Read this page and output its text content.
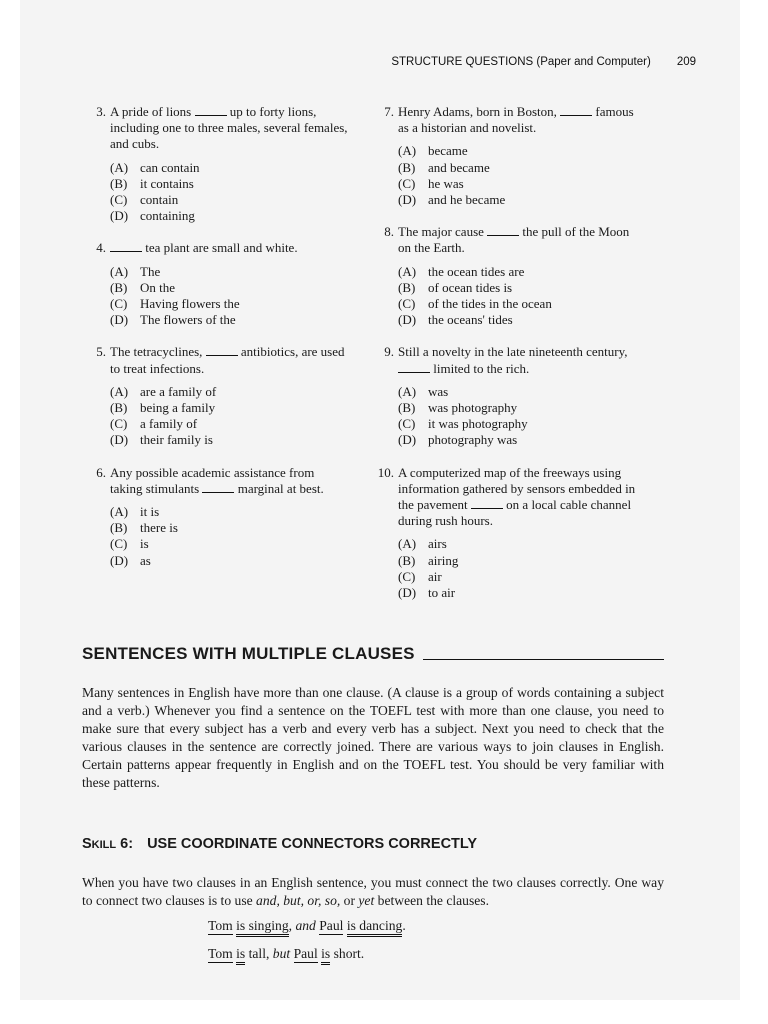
STRUCTURE QUESTIONS (Paper and Computer) 209
3. A pride of lions	up to forty lions, including one to three males, several females, and cubs.
(A) can contain
(B) it contains
(C) contain
(D) containing
4.	tea plant are small and white.
(A) The
(B) On the
(C) Having flowers the
(D) The flowers of the
5. The tetracyclines,	antibiotics, are used to treat infections.
(A) are a family of
(B) being a family
(C) a family of
(D) their family is
6. Any possible academic assistance from taking stimulants	marginal at best.
(A) it is
(B) there is
(C) is
(D) as
7. Henry Adams, born in Boston,	famous as a historian and novelist.
(A) became
(B) and became
(C) he was
(D) and he became
8. The major cause	the pull of the Moon on the Earth.
(A) the ocean tides are
(B) of ocean tides is
(C) of the tides in the ocean
(D) the oceans' tides
9. Still a novelty in the late nineteenth century,  limited to the rich.
(A) was
(B) was photography
(C) it was photography
(D) photography was
10. A computerized map of the freeways using information gathered by sensors embedded in the pavement	on a local cable channel during rush hours.
(A) airs
(B) airing
(C) air
(D) to air
SENTENCES WITH MULTIPLE CLAUSES
Many sentences in English have more than one clause. (A clause is a group of words containing a subject and a verb.) Whenever you find a sentence on the TOEFL test with more than one clause, you need to make sure that every subject has a verb and every verb has a subject. Next you need to check that the various clauses in the sentence are correctly joined. There are various ways to join clauses in English. Certain patterns appear frequently in English and on the TOEFL test. You should be very familiar with these patterns.
SKILL 6: USE COORDINATE CONNECTORS CORRECTLY
When you have two clauses in an English sentence, you must connect the two clauses correctly. One way to connect two clauses is to use and, but, or, so, or yet between the clauses.
Tom is singing, and Paul is dancing.
Tom is tall, but Paul is short.
